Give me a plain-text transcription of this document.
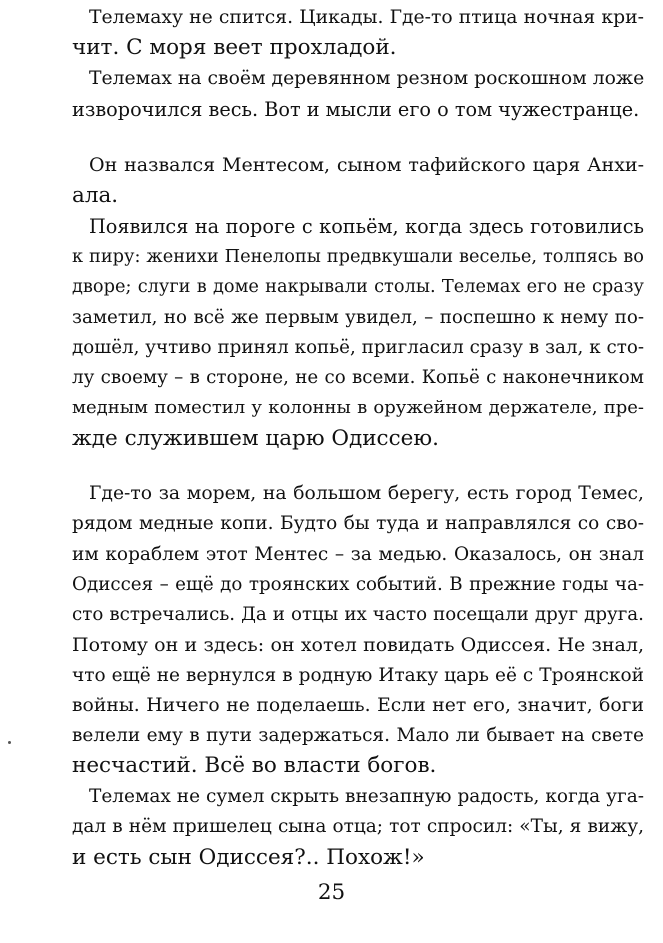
Телемаху не спится. Цикады. Где-то птица ночная кри-
чит. С моря веет прохладой.
Телемах на своём деревянном резном роскошном ложе
изворочился весь. Вот и мысли его о том чужестранце.
Он назвался Ментесом, сыном тафийского царя Анхи-
ала.
Появился на пороге с копьём, когда здесь готовились
к пиру: женихи Пенелопы предвкушали веселье, толпясь во
дворе; слуги в доме накрывали столы. Телемах его не сразу
заметил, но всё же первым увидел, – поспешно к нему по-
дошёл, учтиво принял копьё, пригласил сразу в зал, к сто-
лу своему – в стороне, не со всеми. Копьё с наконечником
медным поместил у колонны в оружейном держателе, пре-
жде служившем царю Одиссею.
Где-то за морем, на большом берегу, есть город Темес,
рядом медные копи. Будто бы туда и направлялся со сво-
им кораблем этот Ментес – за медью. Оказалось, он знал
Одиссея – ещё до троянских событий. В прежние годы ча-
сто встречались. Да и отцы их часто посещали друг друга.
Потому он и здесь: он хотел повидать Одиссея. Не знал,
что ещё не вернулся в родную Итаку царь её с Троянской
войны. Ничего не поделаешь. Если нет его, значит, боги
велели ему в пути задержаться. Мало ли бывает на свете
несчастий. Всё во власти богов.
Телемах не сумел скрыть внезапную радость, когда уга-
дал в нём пришелец сына отца; тот спросил: «Ты, я вижу,
и есть сын Одиссея?.. Похож!»
25
